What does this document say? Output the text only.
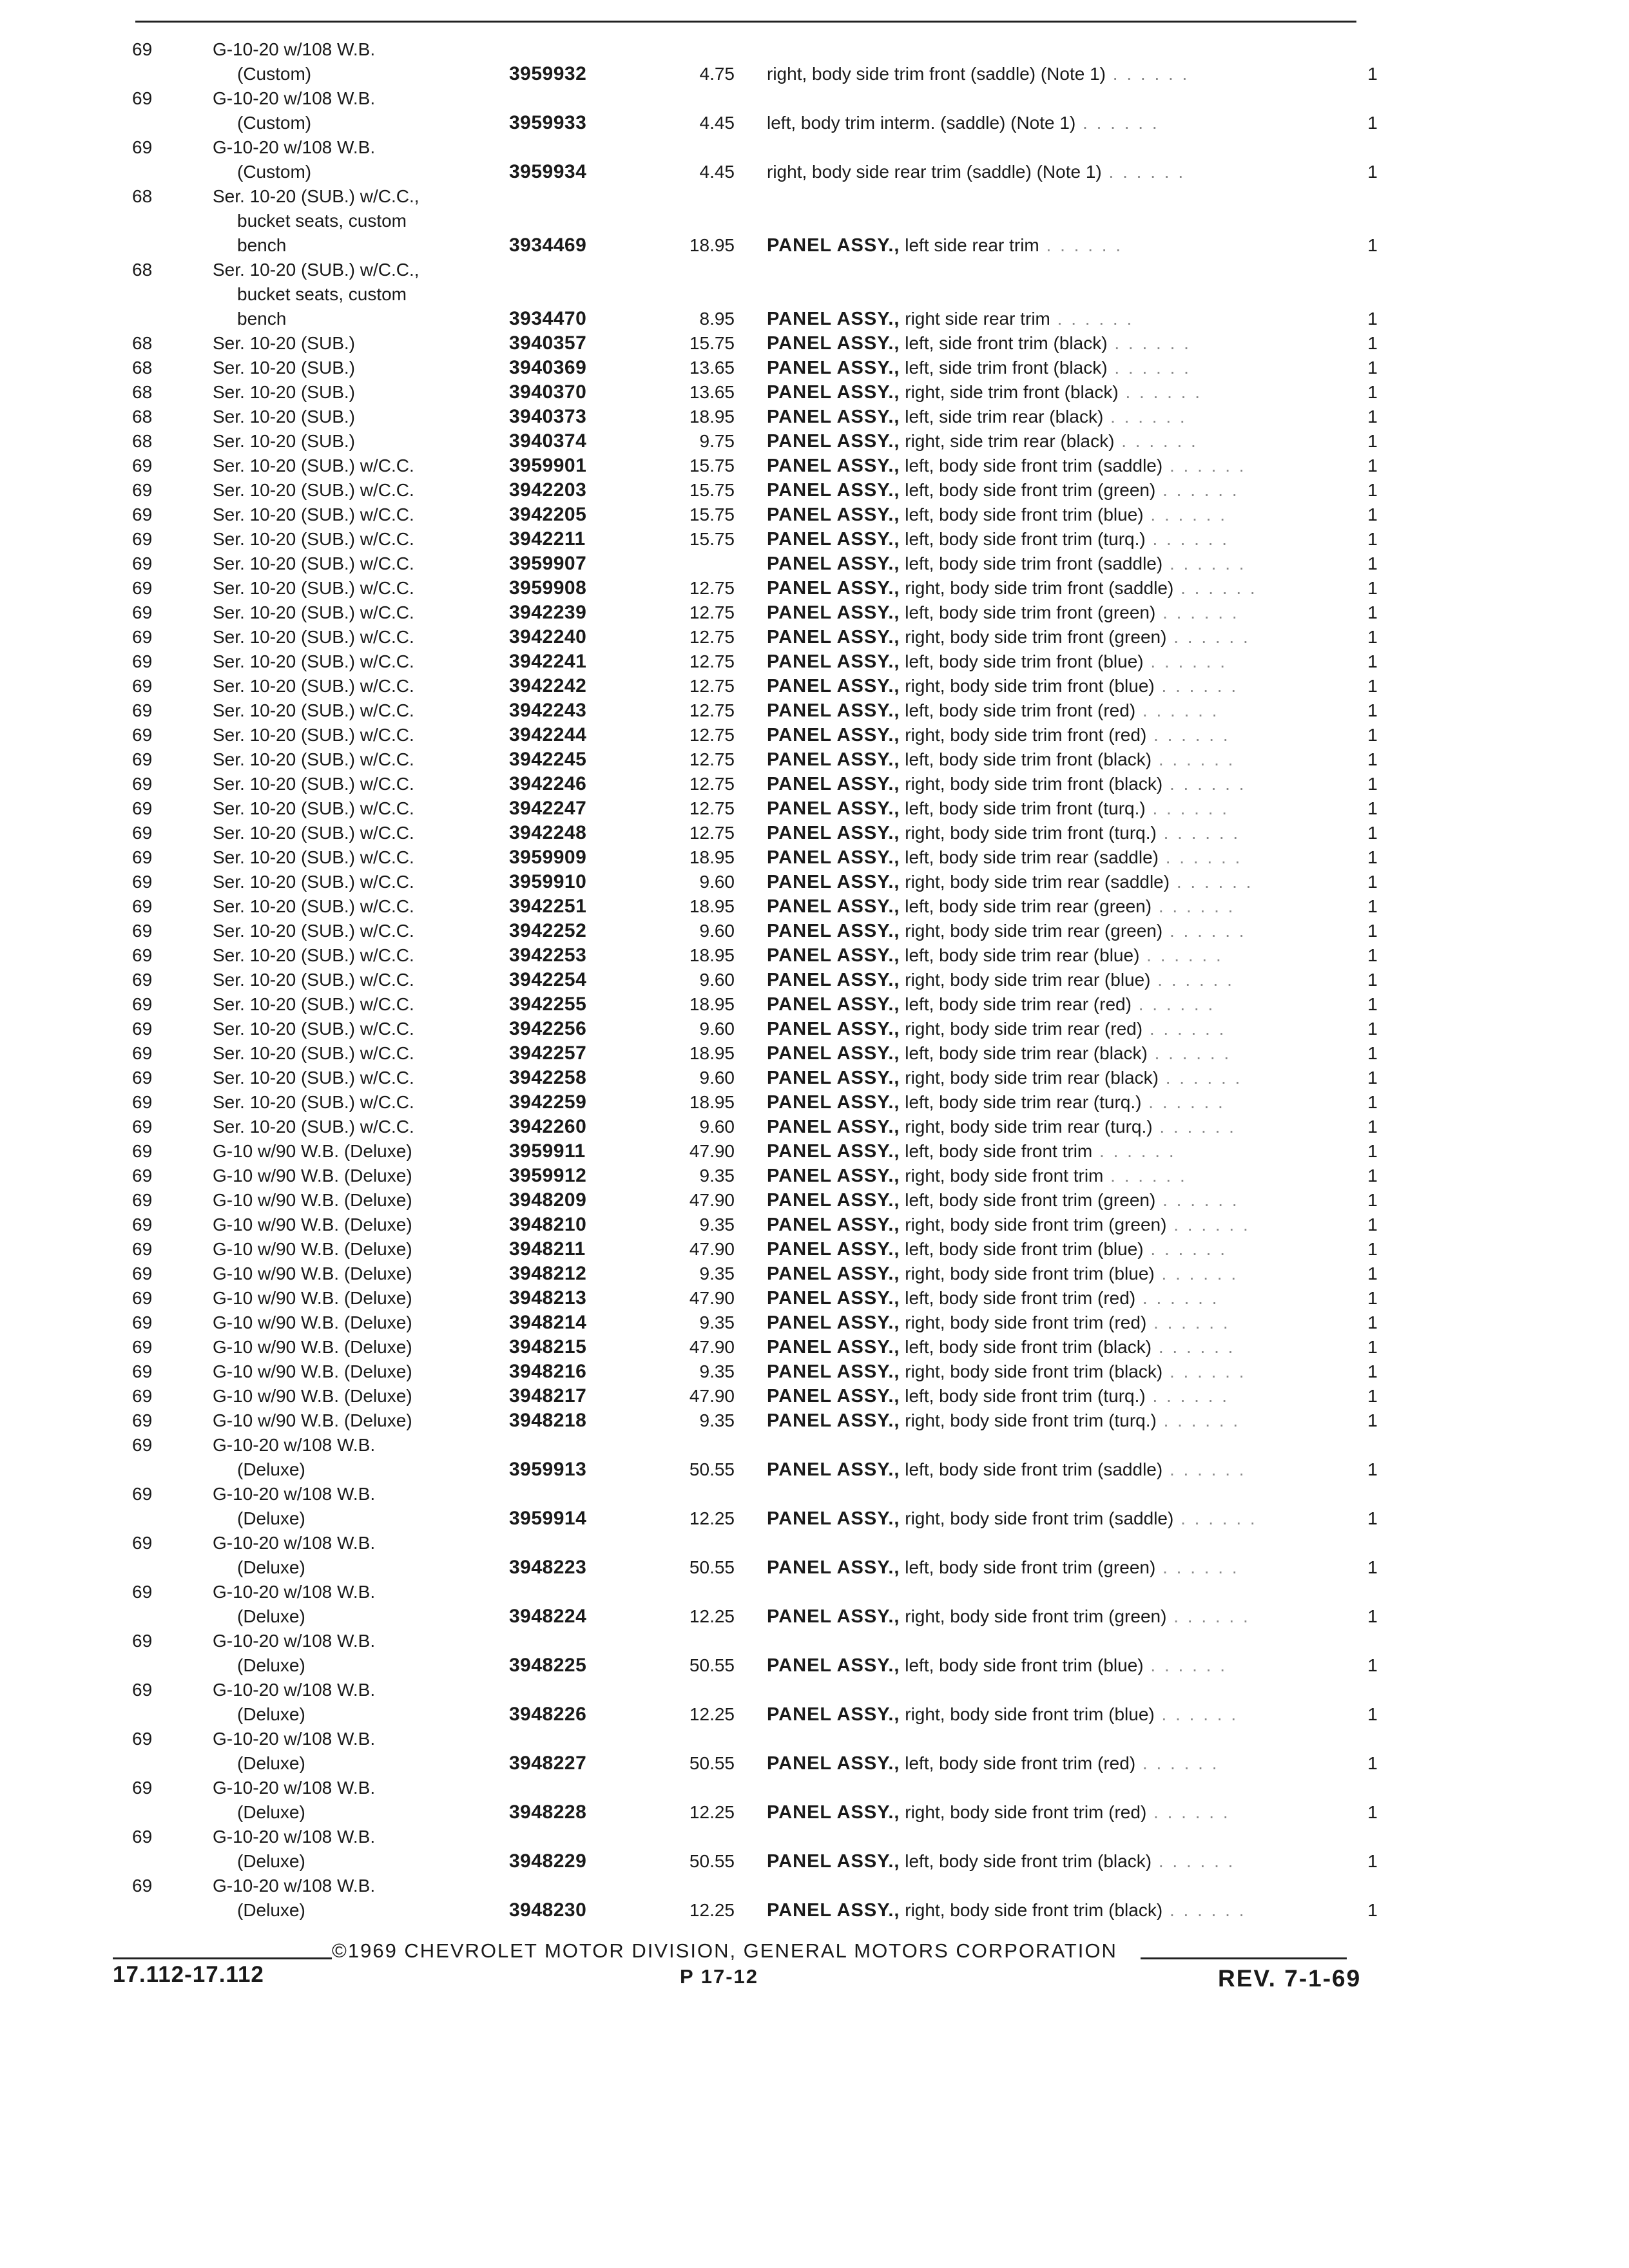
69	G-10-20 w/108 W.B.
(Custom)	3959932	4.75 right, body side trim front (saddle) (Note 1) . . . . . .	1
69	G-10-20 w/108 W.B.
(Custom)	3959933	4.45 left, body trim interm. (saddle) (Note 1) . . . . . .	1
69	G-10-20 w/108 W.B.
(Custom)	3959934	4.45 right, body side rear trim (saddle) (Note 1) . . . . . .	1
68	Ser. 10-20 (SUB.) w/C.C.,
bucket seats, custom
bench	3934469	18.95 PANEL ASSY., left side rear trim . . . . . .	1
68	Ser. 10-20 (SUB.) w/C.C.,
bucket seats, custom
bench	3934470	8.95 PANEL ASSY., right side rear trim . . . . . .	1
68	Ser. 10-20 (SUB.)	3940357	15.75 PANEL ASSY., left, side front trim (black) . . . . . .	1
68	Ser. 10-20 (SUB.)	3940369	13.65 PANEL ASSY., left, side trim front (black) . . . . . .	1
68	Ser. 10-20 (SUB.)	3940370	13.65 PANEL ASSY., right, side trim front (black) . . . . . .	1
68	Ser. 10-20 (SUB.)	3940373	18.95 PANEL ASSY., left, side trim rear (black) . . . . . .	1
68	Ser. 10-20 (SUB.)	3940374	9.75 PANEL ASSY., right, side trim rear (black) . . . . . .	1
69	Ser. 10-20 (SUB.) w/C.C.	3959901	15.75 PANEL ASSY., left, body side front trim (saddle) . . . . . .	1
69	Ser. 10-20 (SUB.) w/C.C.	3942203	15.75 PANEL ASSY., left, body side front trim (green) . . . . . .	1
69	Ser. 10-20 (SUB.) w/C.C.	3942205	15.75 PANEL ASSY., left, body side front trim (blue) . . . . . .	1
69	Ser. 10-20 (SUB.) w/C.C.	3942211	15.75 PANEL ASSY., left, body side front trim (turq.) . . . . . .	1
69	Ser. 10-20 (SUB.) w/C.C.	3959907	PANEL ASSY., left, body side trim front (saddle) . . . . . .	1
69	Ser. 10-20 (SUB.) w/C.C.	3959908	12.75 PANEL ASSY., right, body side trim front (saddle) . . . . . .	1
69	Ser. 10-20 (SUB.) w/C.C.	3942239	12.75 PANEL ASSY., left, body side trim front (green) . . . . . .	1
69	Ser. 10-20 (SUB.) w/C.C.	3942240	12.75 PANEL ASSY., right, body side trim front (green) . . . . . .	1
69	Ser. 10-20 (SUB.) w/C.C.	3942241	12.75 PANEL ASSY., left, body side trim front (blue) . . . . . .	1
69	Ser. 10-20 (SUB.) w/C.C.	3942242	12.75 PANEL ASSY., right, body side trim front (blue) . . . . . .	1
69	Ser. 10-20 (SUB.) w/C.C.	3942243	12.75 PANEL ASSY., left, body side trim front (red) . . . . . .	1
69	Ser. 10-20 (SUB.) w/C.C.	3942244	12.75 PANEL ASSY., right, body side trim front (red) . . . . . .	1
69	Ser. 10-20 (SUB.) w/C.C.	3942245	12.75 PANEL ASSY., left, body side trim front (black) . . . . . .	1
69	Ser. 10-20 (SUB.) w/C.C.	3942246	12.75 PANEL ASSY., right, body side trim front (black) . . . . . .	1
69	Ser. 10-20 (SUB.) w/C.C.	3942247	12.75 PANEL ASSY., left, body side trim front (turq.) . . . . . .	1
69	Ser. 10-20 (SUB.) w/C.C.	3942248	12.75 PANEL ASSY., right, body side trim front (turq.) . . . . . .	1
69	Ser. 10-20 (SUB.) w/C.C.	3959909	18.95 PANEL ASSY., left, body side trim rear (saddle) . . . . . .	1
69	Ser. 10-20 (SUB.) w/C.C.	3959910	9.60 PANEL ASSY., right, body side trim rear (saddle) . . . . . .	1
69	Ser. 10-20 (SUB.) w/C.C.	3942251	18.95 PANEL ASSY., left, body side trim rear (green) . . . . . .	1
69	Ser. 10-20 (SUB.) w/C.C.	3942252	9.60 PANEL ASSY., right, body side trim rear (green) . . . . . .	1
69	Ser. 10-20 (SUB.) w/C.C.	3942253	18.95 PANEL ASSY., left, body side trim rear (blue) . . . . . .	1
69	Ser. 10-20 (SUB.) w/C.C.	3942254	9.60 PANEL ASSY., right, body side trim rear (blue) . . . . . .	1
69	Ser. 10-20 (SUB.) w/C.C.	3942255	18.95 PANEL ASSY., left, body side trim rear (red) . . . . . .	1
69	Ser. 10-20 (SUB.) w/C.C.	3942256	9.60 PANEL ASSY., right, body side trim rear (red) . . . . . .	1
69	Ser. 10-20 (SUB.) w/C.C.	3942257	18.95 PANEL ASSY., left, body side trim rear (black) . . . . . .	1
69	Ser. 10-20 (SUB.) w/C.C.	3942258	9.60 PANEL ASSY., right, body side trim rear (black) . . . . . .	1
69	Ser. 10-20 (SUB.) w/C.C.	3942259	18.95 PANEL ASSY., left, body side trim rear (turq.) . . . . . .	1
69	Ser. 10-20 (SUB.) w/C.C.	3942260	9.60 PANEL ASSY., right, body side trim rear (turq.) . . . . . .	1
69	G-10 w/90 W.B. (Deluxe)	3959911	47.90 PANEL ASSY., left, body side front trim . . . . . .	1
69	G-10 w/90 W.B. (Deluxe)	3959912	9.35 PANEL ASSY., right, body side front trim . . . . . .	1
69	G-10 w/90 W.B. (Deluxe)	3948209	47.90 PANEL ASSY., left, body side front trim (green) . . . . . .	1
69	G-10 w/90 W.B. (Deluxe)	3948210	9.35 PANEL ASSY., right, body side front trim (green) . . . . . .	1
69	G-10 w/90 W.B. (Deluxe)	3948211	47.90 PANEL ASSY., left, body side front trim (blue) . . . . . .	1
69	G-10 w/90 W.B. (Deluxe)	3948212	9.35 PANEL ASSY., right, body side front trim (blue) . . . . . .	1
69	G-10 w/90 W.B. (Deluxe)	3948213	47.90 PANEL ASSY., left, body side front trim (red) . . . . . .	1
69	G-10 w/90 W.B. (Deluxe)	3948214	9.35 PANEL ASSY., right, body side front trim (red) . . . . . .	1
69	G-10 w/90 W.B. (Deluxe)	3948215	47.90 PANEL ASSY., left, body side front trim (black) . . . . . .	1
69	G-10 w/90 W.B. (Deluxe)	3948216	9.35 PANEL ASSY., right, body side front trim (black) . . . . . .	1
69	G-10 w/90 W.B. (Deluxe)	3948217	47.90 PANEL ASSY., left, body side front trim (turq.) . . . . . .	1
69	G-10 w/90 W.B. (Deluxe)	3948218	9.35 PANEL ASSY., right, body side front trim (turq.) . . . . . .	1
69	G-10-20 w/108 W.B.
(Deluxe)	3959913	50.55 PANEL ASSY., left, body side front trim (saddle) . . . . . .	1
69	G-10-20 w/108 W.B.
(Deluxe)	3959914	12.25 PANEL ASSY., right, body side front trim (saddle) . . . . . .	1
69	G-10-20 w/108 W.B.
(Deluxe)	3948223	50.55 PANEL ASSY., left, body side front trim (green) . . . . . .	1
69	G-10-20 w/108 W.B.
(Deluxe)	3948224	12.25 PANEL ASSY., right, body side front trim (green) . . . . . .	1
69	G-10-20 w/108 W.B.
(Deluxe)	3948225	50.55 PANEL ASSY., left, body side front trim (blue) . . . . . .	1
69	G-10-20 w/108 W.B.
(Deluxe)	3948226	12.25 PANEL ASSY., right, body side front trim (blue) . . . . . .	1
69	G-10-20 w/108 W.B.
(Deluxe)	3948227	50.55 PANEL ASSY., left, body side front trim (red) . . . . . .	1
69	G-10-20 w/108 W.B.
(Deluxe)	3948228	12.25 PANEL ASSY., right, body side front trim (red) . . . . . .	1
69	G-10-20 w/108 W.B.
(Deluxe)	3948229	50.55 PANEL ASSY., left, body side front trim (black) . . . . . .	1
69	G-10-20 w/108 W.B.
(Deluxe)	3948230	12.25 PANEL ASSY., right, body side front trim (black) . . . . . .	1
©1969 CHEVROLET MOTOR DIVISION, GENERAL MOTORS CORPORATION
17.112-17.112	P 17-12	REV. 7-1-69
